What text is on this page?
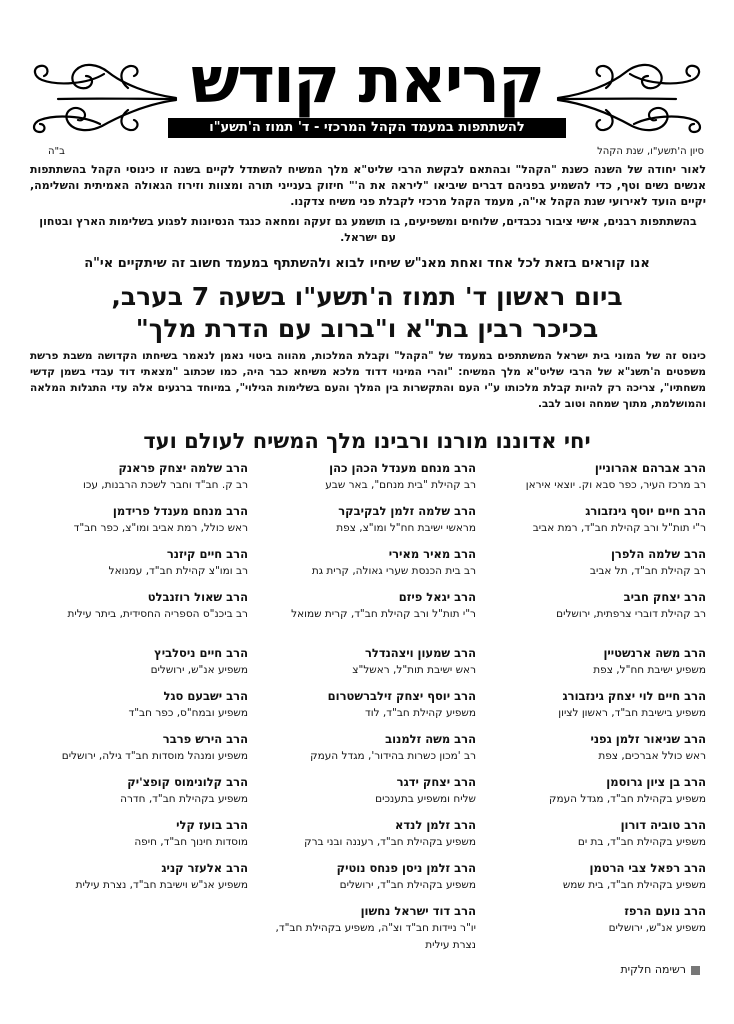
קריאת קודש
להשתתפות במעמד הקהל המרכזי - ד' תמוז ה'תשע"ו
ב"ה	סיון ה'תשע"ו, שנת הקהל

לאור יחודה של השנה כשנת "הקהל" ובהתאם לבקשת הרבי שליט"א מלך המשיח להשתדל לקיים בשנה זו כינוסי הקהל בהשתתפות אנשים נשים וטף, כדי להשמיע בפניהם דברים שיביאו "ליראה את ה'" חיזוק בענייני תורה ומצוות וזירוז הגאולה האמיתית והשלימה, יקיים הועד לאירועי שנת הקהל אי"ה, מעמד הקהל מרכזי לקבלת פני משיח צדקנו.

בהשתתפות רבנים, אישי ציבור נכבדים, שלוחים ומשפיעים, בו תושמע גם זעקה ומחאה כנגד הנסיונות לפגוע בשלימות הארץ ובטחון עם ישראל.

אנו קוראים בזאת לכל אחד ואחת מאנ"ש שיחיו לבוא ולהשתתף במעמד חשוב זה שיתקיים אי"ה

ביום ראשון ד' תמוז ה'תשע"ו בשעה 7 בערב,
בכיכר רבין בת"א ו"ברוב עם הדרת מלך"

כינוס זה של המוני בית ישראל המשתתפים במעמד של "הקהל" וקבלת המלכות, מהווה ביטוי נאמן לנאמר בשיחתו הקדושה משבת פרשת משפטים ה'תשנ"א של הרבי שליט"א מלך המשיח: "והרי המינוי דדוד מלכא משיחא כבר היה, כמו שכתוב "מצאתי דוד עבדי בשמן קדשי משחתיו", צריכה רק להיות קבלת מלכותו ע"י העם והתקשרות בין המלך והעם בשלימות הגילוי", במיוחד ברגעים אלה עדי התגלות המלאה והמושלמת, מתוך שמחה וטוב לבב.

יחי אדוננו מורנו ורבינו מלך המשיח לעולם ועד
הרב אברהם אהרוניין
רב מרכז העיר, כפר סבא וק. יוצאי איראן
הרב חיים יוסף גינזבורג
ר"י תות"ל ורב קהילת חב"ד, רמת אביב
הרב שלמה הלפרן
רב קהילת חב"ד, תל אביב
הרב יצחק חביב
רב קהילת דוברי צרפתית, ירושלים
הרב משה ארנשטיין
משפיע ישיבת חח"ל, צפת
הרב חיים לוי יצחק גינזבורג
משפיע בישיבת חב"ד, ראשון לציון
הרב שניאור זלמן גפני
ראש כולל אברכים, צפת
הרב בן ציון גרוסמן
משפיע בקהילת חב"ד, מגדל העמק
הרב טוביה דורון
משפיע בקהילת חב"ד, בת ים
הרב רפאל צבי הרטמן
משפיע בקהילת חב"ד, בית שמש
הרב נועם הרפז
משפיע אנ"ש, ירושלים
הרב מנחם מענדל הכהן כהן
רב קהילת "בית מנחם", באר שבע
הרב שלמה זלמן לבקיבקר
מראשי ישיבת חח"ל ומו"צ, צפת
הרב מאיר מאירי
רב בית הכנסת שערי גאולה, קרית גת
הרב יגאל פיזם
ר"י תות"ל ורב קהילת חב"ד, קרית שמואל
הרב שמעון ויצהנדלר
ראש ישיבת תות"ל, ראשל"צ
הרב יוסף יצחק זילברשטרום
משפיע קהילת חב"ד, לוד
הרב משה זלמנוב
רב 'מכון כשרות בהידור', מגדל העמק
הרב יצחק ידגר
שליח ומשפיע בתענכים
הרב זלמן לנדא
משפיע בקהילת חב"ד, רעננה ובני ברק
הרב זלמן ניסן פנחס נוטיק
משפיע בקהילת חב"ד, ירושלים
הרב דוד ישראל נחשון
יו"ר ניידות חב"ד וצ"ה, משפיע בקהילת חב"ד, נצרת עילית
הרב שלמה יצחק פראנק
רב ק. חב"ד וחבר לשכת הרבנות, עכו
הרב מנחם מענדל פרידמן
ראש כולל, רמת אביב ומו"צ, כפר חב"ד
הרב חיים קיזנר
רב ומו"צ קהילת חב"ד, עמנואל
הרב שאול רוזנבלט
רב ביכנ"ס הספריה החסידית, ביתר עילית
הרב חיים ניסלביץ
משפיע אנ"ש, ירושלים
הרב ישבעם סגל
משפיע ובמח"ס, כפר חב"ד
הרב הירש פרבר
משפיע ומנהל מוסדות חב"ד גילה, ירושלים
הרב קלונימוס קופצ'יק
משפיע בקהילת חב"ד, חדרה
הרב בועז קלי
מוסדות חינוך חב"ד, חיפה
הרב אלעזר קניג
משפיע אנ"ש וישיבת חב"ד, נצרת עילית
רשימה חלקית
